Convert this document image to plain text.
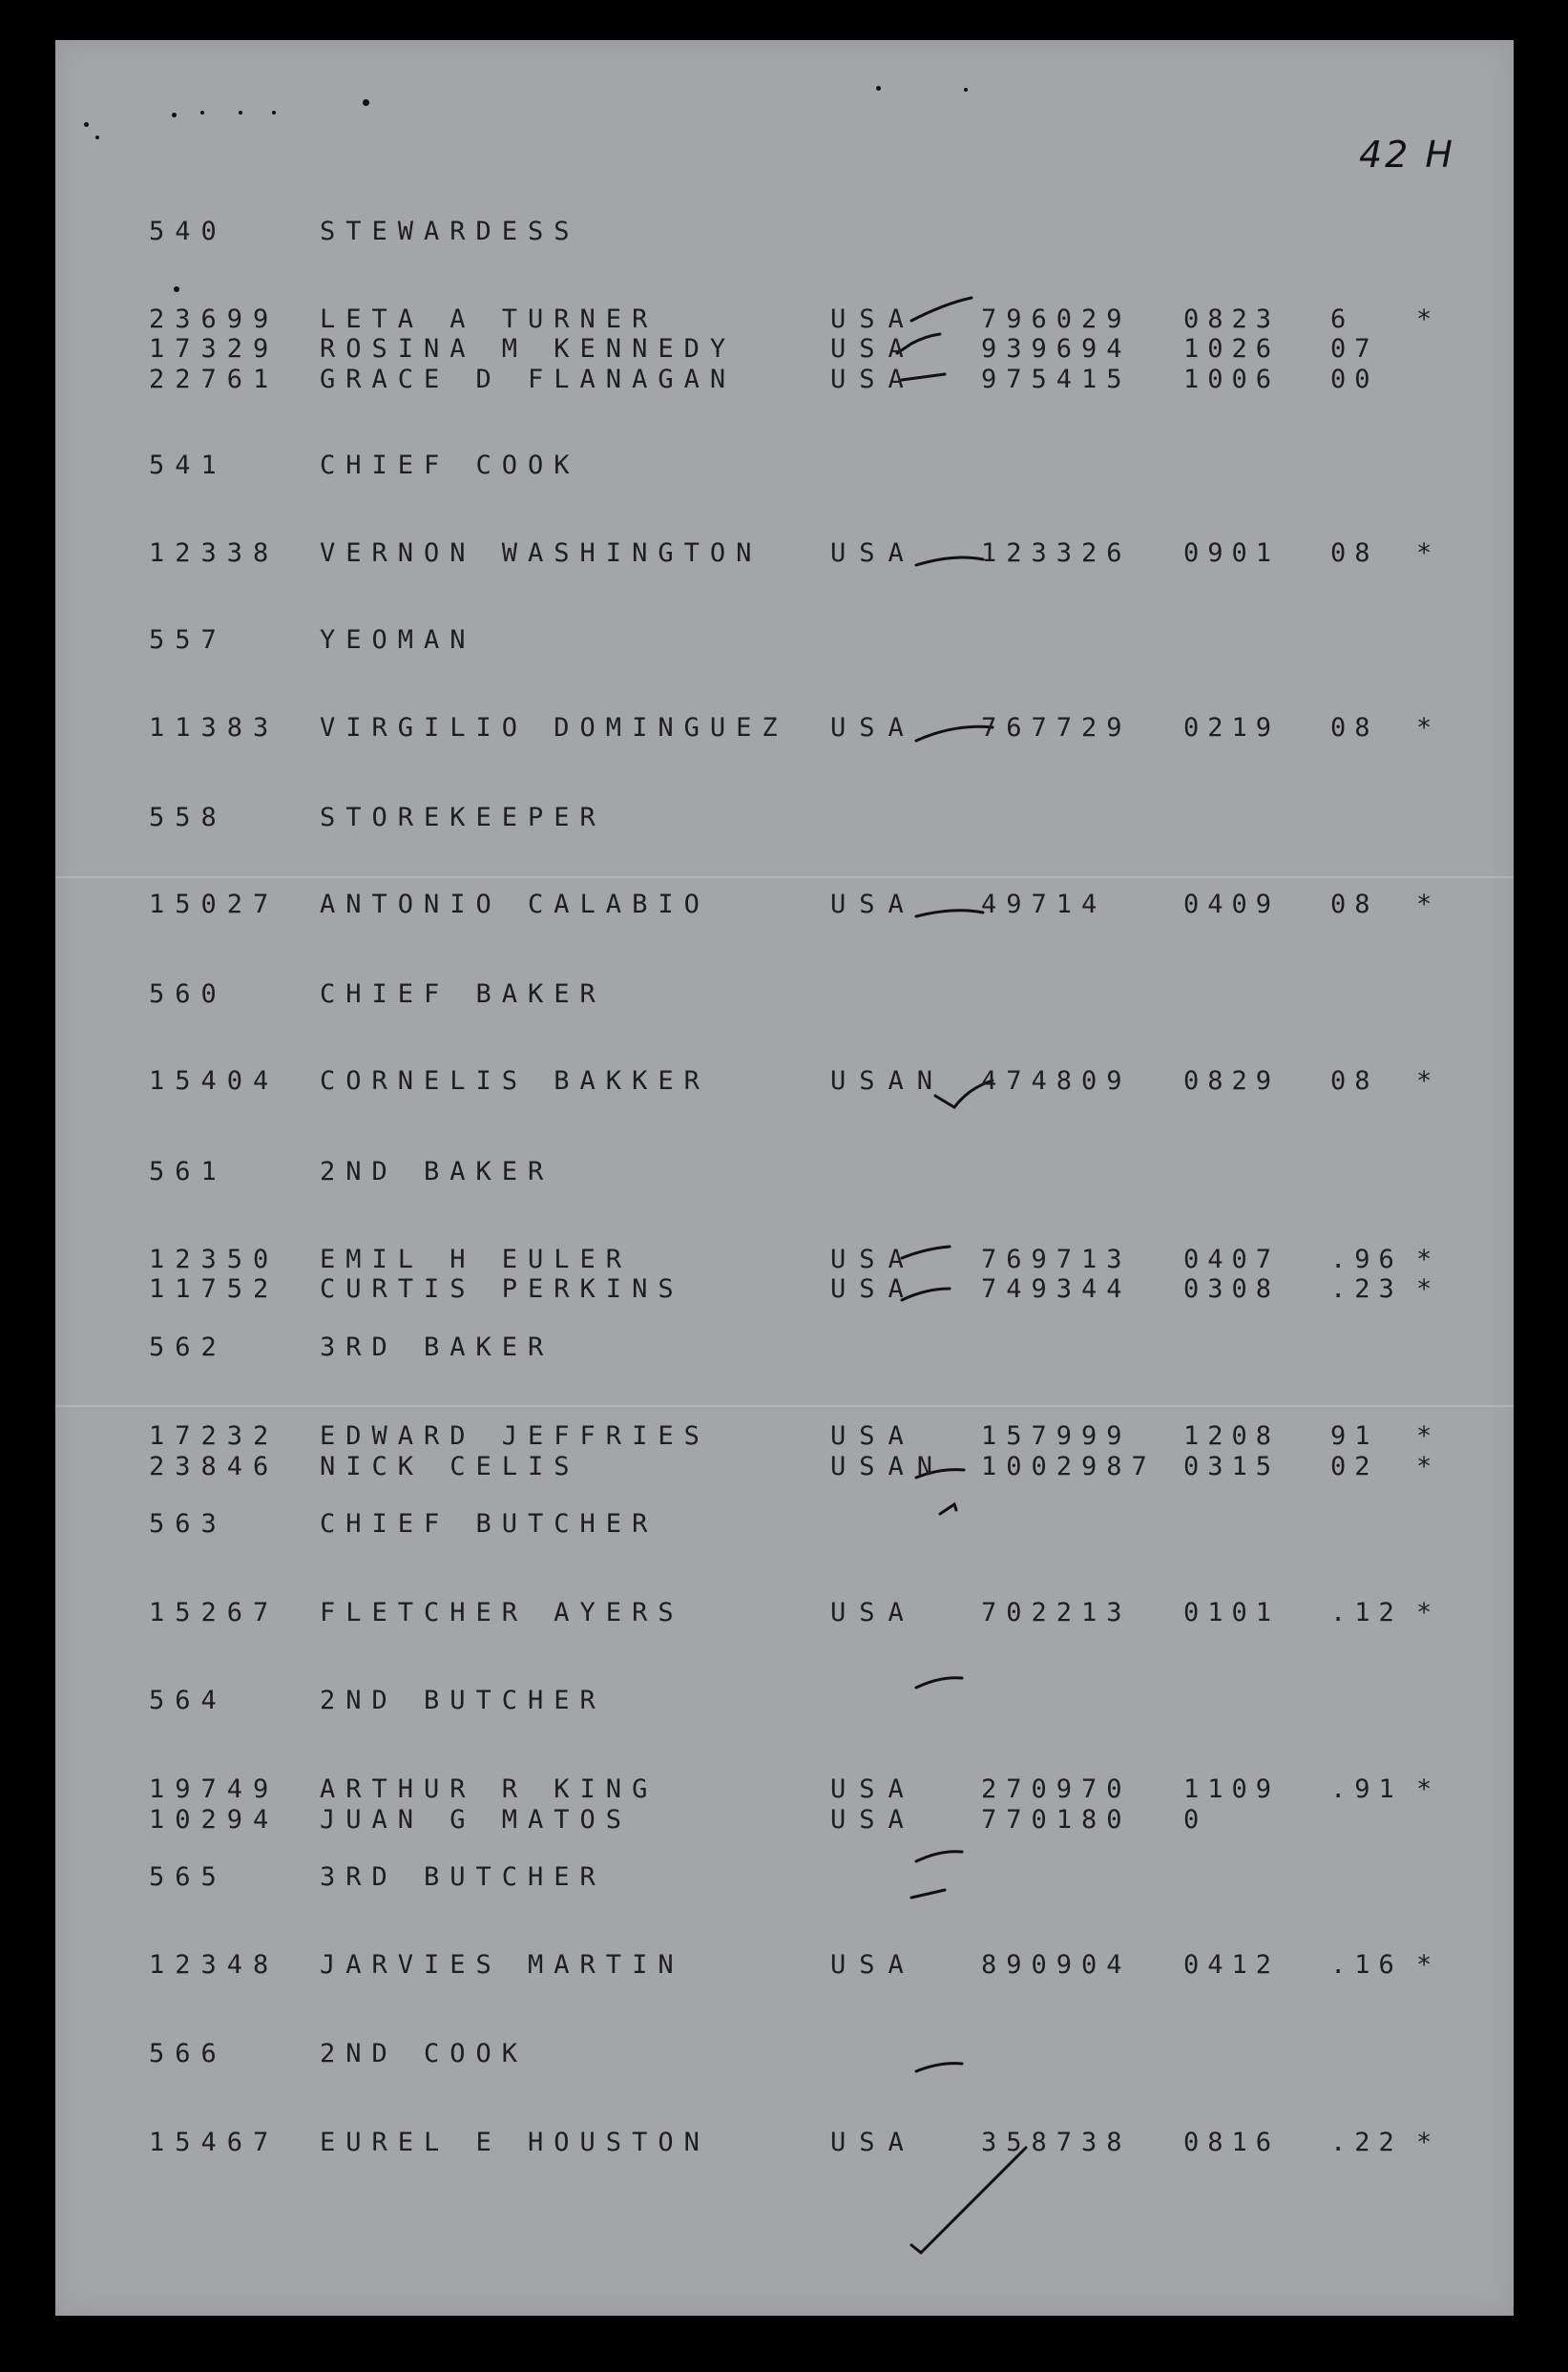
42 H
540	STEWARDESS
23699 LETA A TURNER	USA 796029 0823 6 *
17329 ROSINA M KENNEDY	USA 939694 1026 07
22761 GRACE D FLANAGAN	USA 975415 1006 00
541	CHIEF COOK
12338 VERNON WASHINGTON	USA 123326 0901 08 *
557	YEOMAN
11383 VIRGILIO DOMINGUEZ USA 767729 0219 08 *
558	STOREKEEPER
15027 ANTONIO CALABIO	USA 49714	0409 08 *
560	CHIEF BAKER
15404 CORNELIS BAKKER	USAN 474809 0829 08 *
561	2ND BAKER
12350 EMIL H EULER	USA 769713 0407 .96 *
11752 CURTIS PERKINS	USA 749344 0308 .23 *
562	3RD BAKER
17232 EDWARD JEFFRIES	USA 157999 1208 91 *
23846 NICK CELIS	USAN 1002987 0315 02 *
563	CHIEF BUTCHER
15267 FLETCHER AYERS	USA 702213 0101 .12 *
564	2ND BUTCHER
19749 ARTHUR R KING	USA 270970 1109 .91 *
10294 JUAN G MATOS	USA 770180 0
565	3RD BUTCHER
12348 JARVIES MARTIN	USA 890904 0412 .16 *
566	2ND COOK
15467 EUREL E HOUSTON	USA 358738 0816 .22 *
